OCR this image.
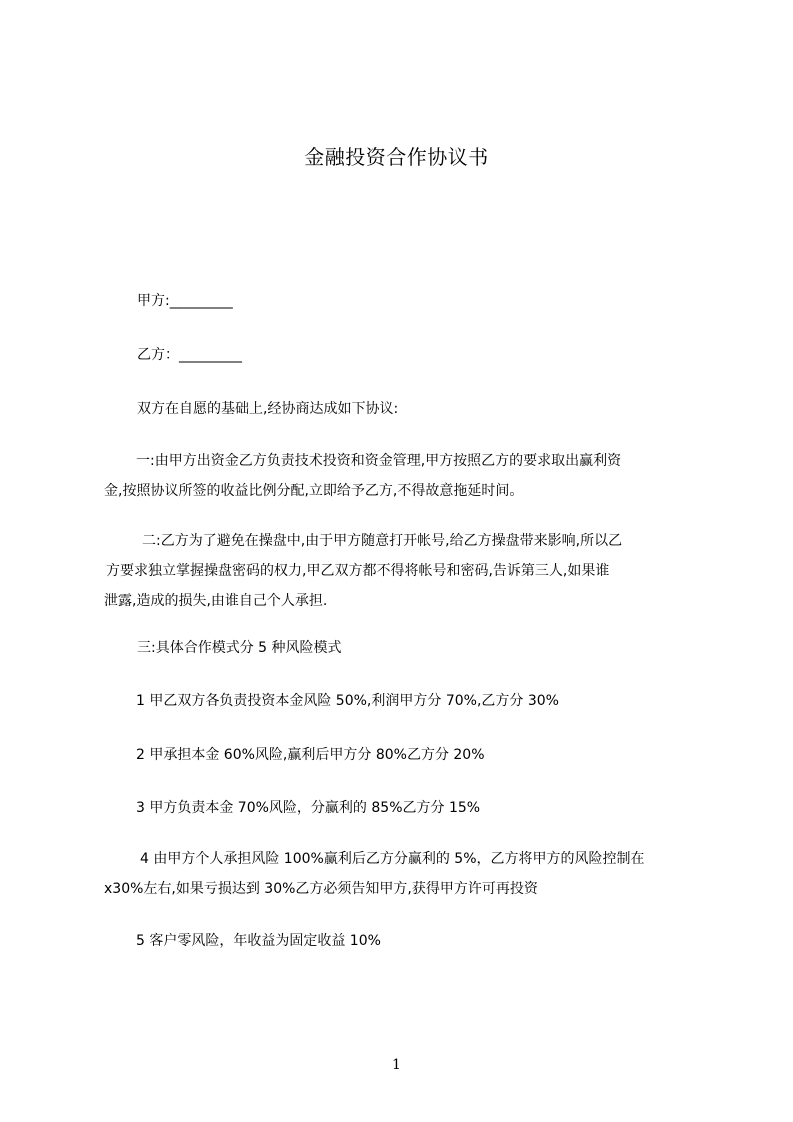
金融投资合作协议书
甲方:_________
乙方：_________
双方在自愿的基础上,经协商达成如下协议:
一:由甲方出资金乙方负责技术投资和资金管理,甲方按照乙方的要求取出赢利资
金,按照协议所签的收益比例分配,立即给予乙方,不得故意拖延时间。
二:乙方为了避免在操盘中,由于甲方随意打开帐号,给乙方操盘带来影响,所以乙
方要求独立掌握操盘密码的权力,甲乙双方都不得将帐号和密码,告诉第三人,如果谁
泄露,造成的损失,由谁自己个人承担.
三:具体合作模式分 5 种风险模式
1 甲乙双方各负责投资本金风险 50%,利润甲方分 70%,乙方分 30%
2 甲承担本金 60%风险,赢利后甲方分 80%乙方分 20%
3 甲方负责本金 70%风险，分赢利的 85%乙方分 15%
4 由甲方个人承担风险 100%赢利后乙方分赢利的 5%，乙方将甲方的风险控制在
x30%左右,如果亏损达到 30%乙方必须告知甲方,获得甲方许可再投资
5 客户零风险，年收益为固定收益 10%
1
